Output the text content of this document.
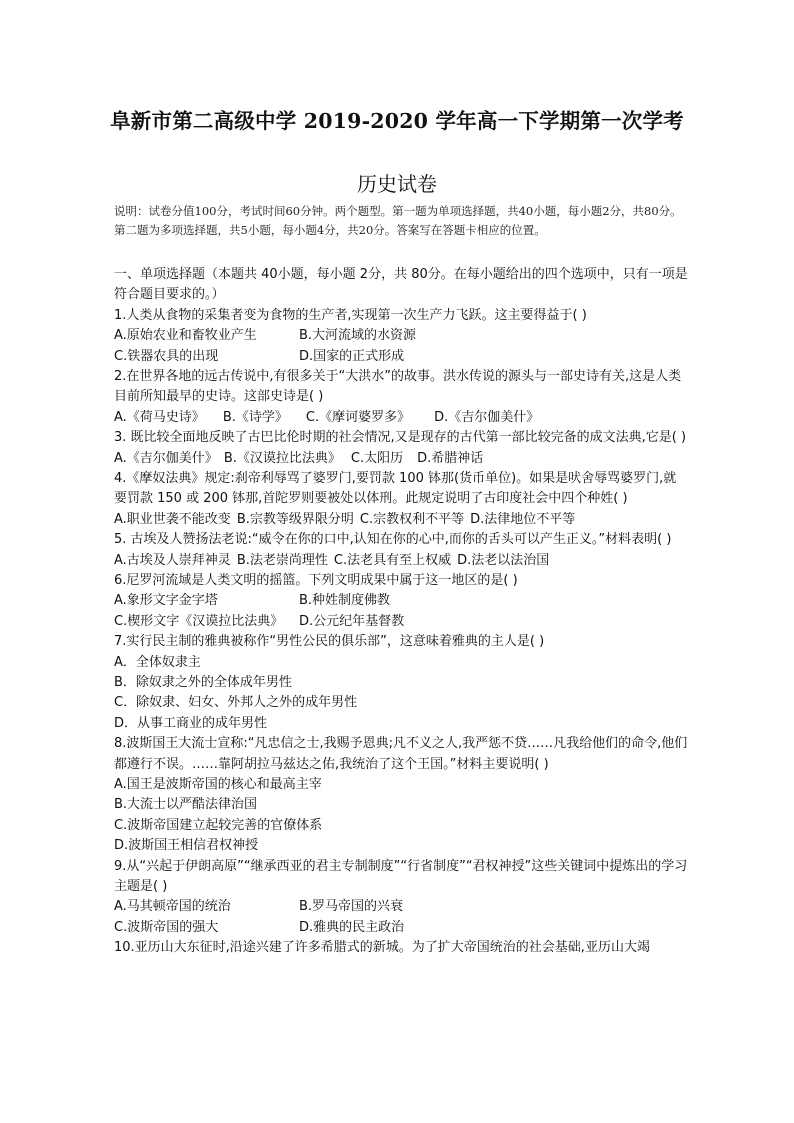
阜新市第二高级中学 2019-2020 学年高一下学期第一次学考
历史试卷
说明：试卷分值100分，考试时间60分钟。两个题型。第一题为单项选择题，共40小题，每小题2分，共80分。第二题为多项选择题，共5小题，每小题4分，共20分。答案写在答题卡相应的位置。
一、单项选择题（本题共 40小题，每小题 2分，共 80分。在每小题给出的四个选项中，只有一项是符合题目要求的。）
1.人类从食物的采集者变为食物的生产者,实现第一次生产力飞跃。这主要得益于( )
A.原始农业和畜牧业产生	B.大河流域的水资源
C.铁器农具的出现	D.国家的正式形成
2.在世界各地的远古传说中,有很多关于“大洪水”的故事。洪水传说的源头与一部史诗有关,这是人类目前所知最早的史诗。这部史诗是( )
A.《荷马史诗》 B.《诗学》 C.《摩诃婆罗多》 D.《吉尔伽美什》
3. 既比较全面地反映了古巴比伦时期的社会情况,又是现存的古代第一部比较完备的成文法典,它是( )
A.《吉尔伽美什》 B.《汉谟拉比法典》 C.太阳历 D.希腊神话
4.《摩奴法典》规定:刹帝利辱骂了婆罗门,要罚款 100 钵那(货币单位)。如果是吠舍辱骂婆罗门,就要罚款 150 或 200 钵那,首陀罗则要被处以体刑。此规定说明了古印度社会中四个种姓( )
A.职业世袭不能改变 B.宗教等级界限分明 C.宗教权利不平等 D.法律地位不平等
5. 古埃及人赞扬法老说:“威令在你的口中,认知在你的心中,而你的舌头可以产生正义。”材料表明( )
A.古埃及人崇拜神灵 B.法老崇尚理性 C.法老具有至上权威 D.法老以法治国
6.尼罗河流域是人类文明的摇篮。下列文明成果中属于这一地区的是( )
A.象形文字金字塔	B.种姓制度佛教
C.楔形文字《汉谟拉比法典》 D.公元纪年基督教
7.实行民主制的雅典被称作“男性公民的俱乐部”，这意味着雅典的主人是( )
A．全体奴隶主
B．除奴隶之外的全体成年男性
C．除奴隶、妇女、外邦人之外的成年男性
D．从事工商业的成年男性
8.波斯国王大流士宣称:“凡忠信之士,我赐予恩典;凡不义之人,我严惩不贷……凡我给他们的命令,他们都遵行不误。……靠阿胡拉马兹达之佑,我统治了这个王国。”材料主要说明( )
A.国王是波斯帝国的核心和最高主宰
B.大流士以严酷法律治国
C.波斯帝国建立起较完善的官僚体系
D.波斯国王相信君权神授
9.从“兴起于伊朗高原”“继承西亚的君主专制制度”“行省制度”“君权神授”这些关键词中提炼出的学习主题是( )
A.马其顿帝国的统治	B.罗马帝国的兴衰
C.波斯帝国的强大	D.雅典的民主政治
10.亚历山大东征时,沿途兴建了许多希腊式的新城。为了扩大帝国统治的社会基础,亚历山大竭
